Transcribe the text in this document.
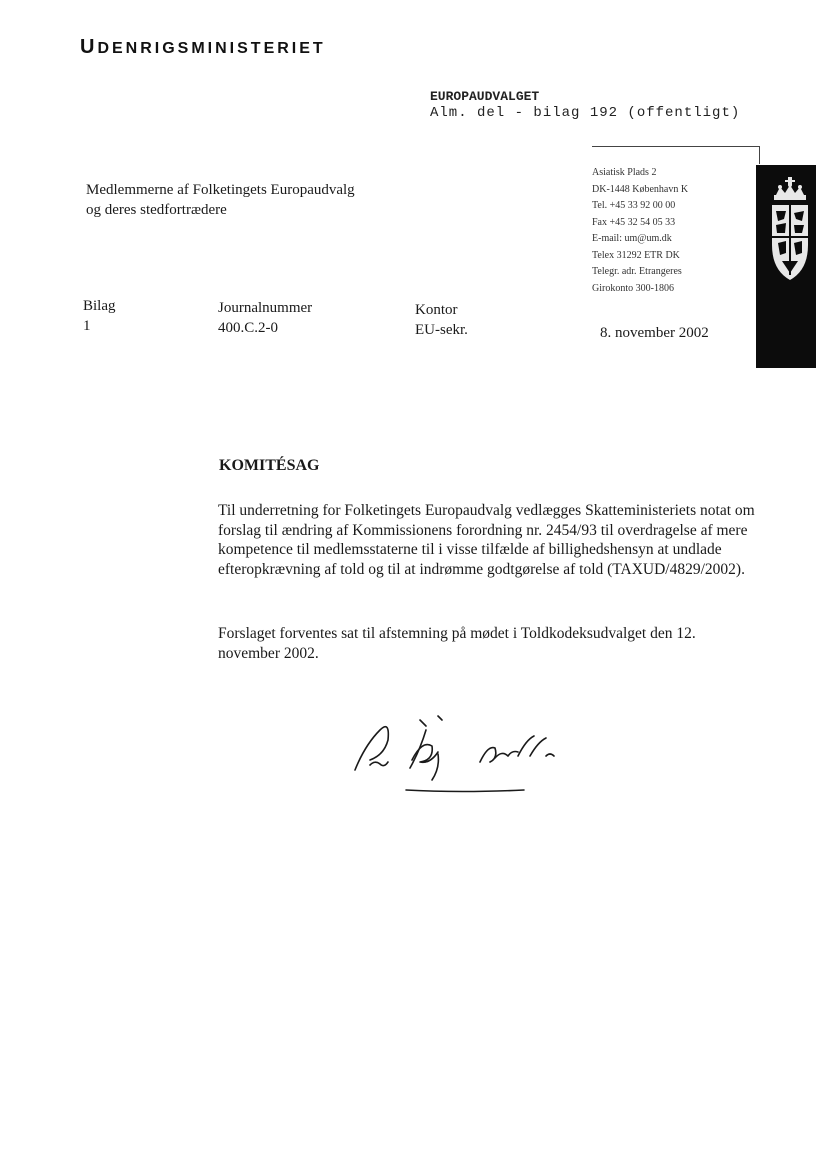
UDENRIGSMINISTERIET
EUROPAUDVALGET
Alm. del - bilag 192 (offentligt)
Asiatisk Plads 2
DK-1448 København K
Tel. +45 33 92 00 00
Fax +45 32 54 05 33
E-mail: um@um.dk
Telex 31292 ETR DK
Telegr. adr. Etrangeres
Girokonto 300-1806
Medlemmerne af Folketingets Europaudvalg
og deres stedfortrædere
Bilag
1
Journalnummer
400.C.2-0
Kontor
EU-sekr.	8. november 2002
KOMITÉSAG
Til underretning for Folketingets Europaudvalg vedlægges Skatteministeriets notat om forslag til ændring af Kommissionens forordning nr. 2454/93 til overdragelse af mere kompetence til medlemsstaterne til i visse tilfælde af billighedshensyn at undlade efteropkrævning af told og til at indrømme godtgørelse af told (TAXUD/4829/2002).
Forslaget forventes sat til afstemning på mødet i Toldkodeksudvalget den 12. november 2002.
